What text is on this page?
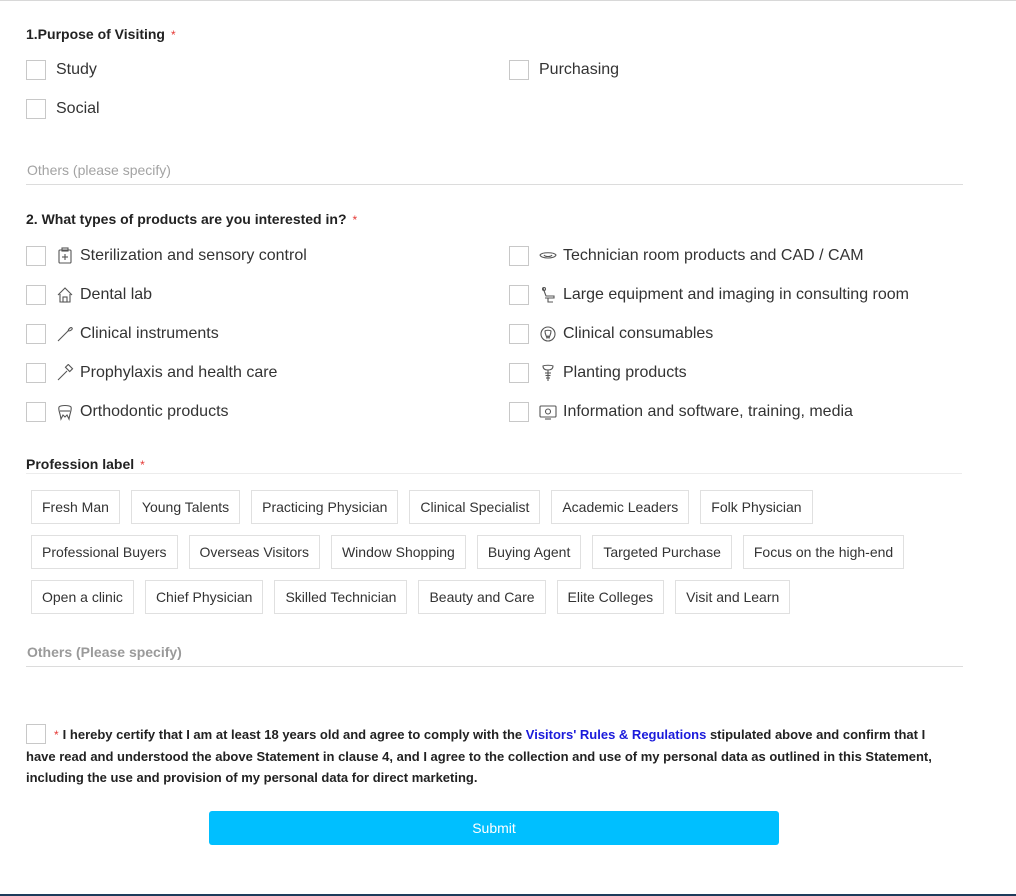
1.Purpose of Visiting *
Study	Purchasing
Social
Others (please specify)
2. What types of products are you interested in? *
Sterilization and sensory control
Dental lab
Clinical instruments
Prophylaxis and health care
Orthodontic products
Technician room products and CAD / CAM
Large equipment and imaging in consulting room
Clinical consumables
Planting products
Information and software, training, media
Profession label *
Fresh Man	Young Talents	Practicing Physician	Clinical Specialist	Academic Leaders	Folk Physician
Professional Buyers	Overseas Visitors	Window Shopping	Buying Agent	Targeted Purchase	Focus on the high-end
Open a clinic	Chief Physician	Skilled Technician	Beauty and Care	Elite Colleges	Visit and Learn
Others (Please specify)
* I hereby certify that I am at least 18 years old and agree to comply with the Visitors' Rules & Regulations stipulated above and confirm that I have read and understood the above Statement in clause 4, and I agree to the collection and use of my personal data as outlined in this Statement, including the use and provision of my personal data for direct marketing.
Submit
